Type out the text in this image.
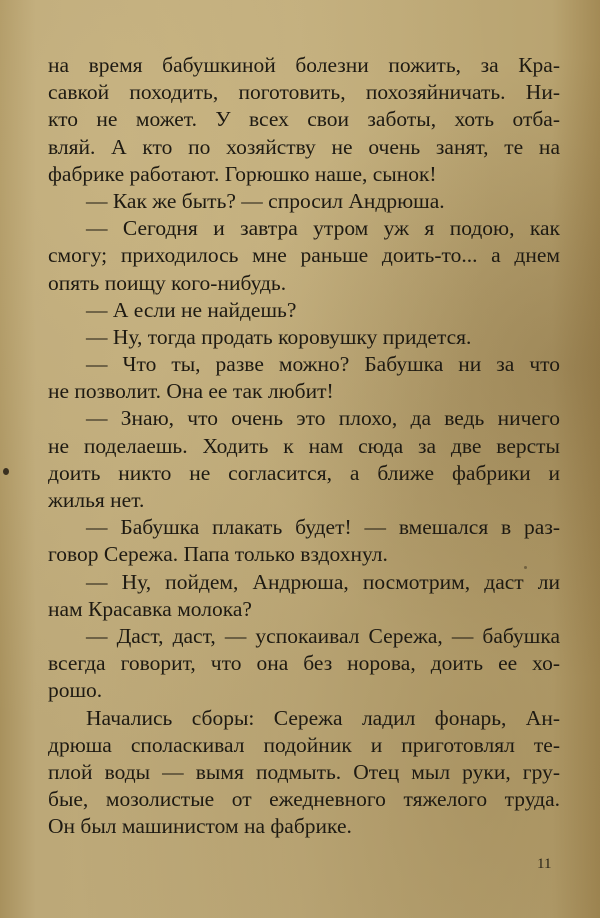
на время бабушкиной болезни пожить, за Кра-
савкой походить, поготовить, похозяйничать. Ни-
кто не может. У всех свои заботы, хоть отба-
вляй. А кто по хозяйству не очень занят, те на
фабрике работают. Горюшко наше, сынок!
— Как же быть? — спросил Андрюша.
— Сегодня и завтра утром уж я подою, как
смогу; приходилось мне раньше доить-то... а днем
опять поищу кого-нибудь.
— А если не найдешь?
— Ну, тогда продать коровушку придется.
— Что ты, разве можно? Бабушка ни за что
не позволит. Она ее так любит!
— Знаю, что очень это плохо, да ведь ничего
не поделаешь. Ходить к нам сюда за две версты
доить никто не согласится, а ближе фабрики и
жилья нет.
— Бабушка плакать будет! — вмешался в раз-
говор Сережа. Папа только вздохнул.
— Ну, пойдем, Андрюша, посмотрим, даст ли
нам Красавка молока?
— Даст, даст, — успокаивал Сережа, — бабушка
всегда говорит, что она без норова, доить ее хо-
рошо.
Начались сборы: Сережа ладил фонарь, Ан-
дрюша споласкивал подойник и приготовлял те-
плой воды — вымя подмыть. Отец мыл руки, гру-
бые, мозолистые от ежедневного тяжелого труда.
Он был машинистом на фабрике.
11
